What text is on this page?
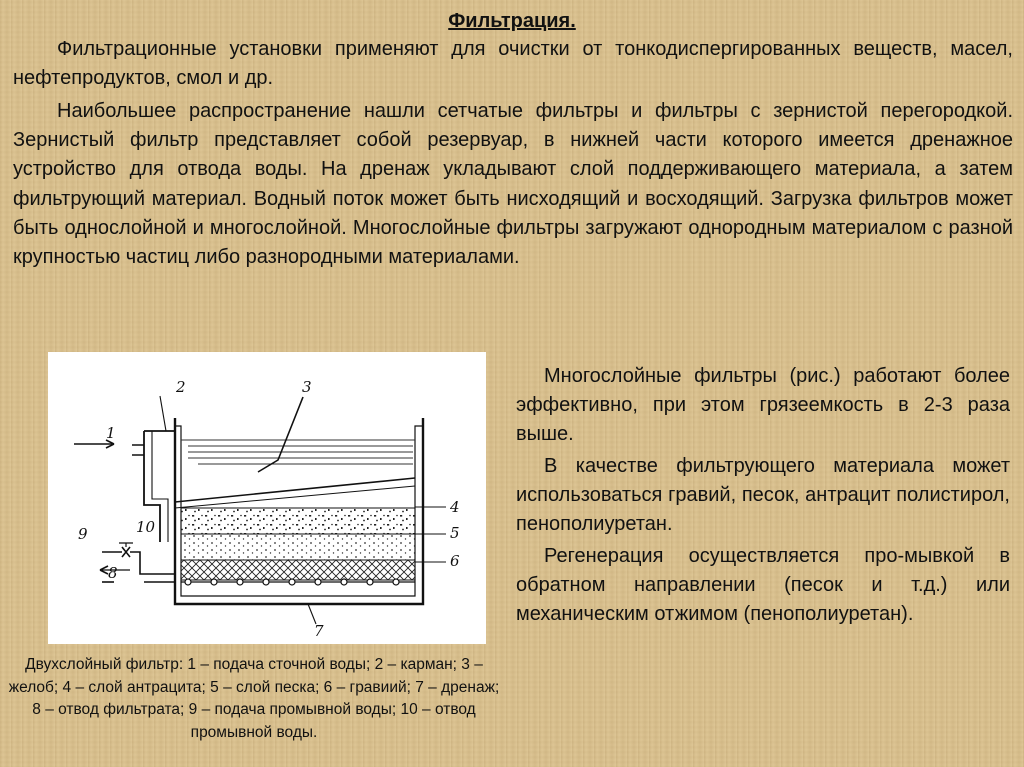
Фильтрация.

Фильтрационные установки применяют для очистки от тонкодиспергированных веществ, масел, нефтепродуктов, смол и др.

Наибольшее распространение нашли сетчатые фильтры и фильтры с зернистой перегородкой. Зернистый фильтр представляет собой резервуар, в нижней части которого имеется дренажное устройство для отвода воды. На дренаж укладывают слой поддерживающего материала, а затем фильтрующий материал. Водный поток может быть нисходящий и восходящий. Загрузка фильтров может быть однослойной и многослойной. Многослойные фильтры загружают однородным материалом с разной крупностью частиц либо разнородными материалами.

1
2	3
4
5
6
7
8
9	10
Двухслойный фильтр: 1 – подача сточной воды; 2 – карман; 3 – желоб; 4 – слой антрацита; 5 – слой песка; 6 – гравиий; 7 – дренаж; 8 – отвод фильтрата; 9 – подача промывной воды; 10 – отвод промывной воды.

Многослойные фильтры (рис.) работают более эффективно, при этом грязеемкость в 2-3 раза выше.

В качестве фильтрующего материала может использоваться гравий, песок, антрацит полистирол, пенополиуретан.

Регенерация осуществляется про-мывкой в обратном направлении (песок и т.д.) или механическим отжимом (пенополиуретан).
